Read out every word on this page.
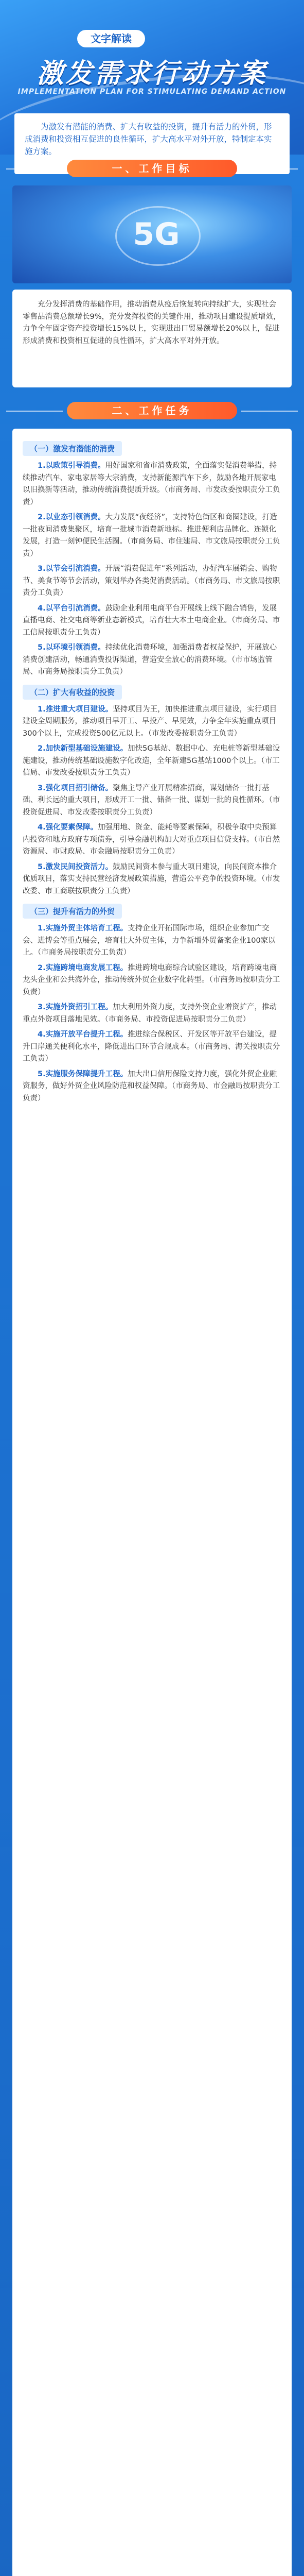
文字解读
激发需求行动方案
IMPLEMENTATION PLAN FOR STIMULATING DEMAND ACTION

为激发有潜能的消费、扩大有收益的投资，提升有活力的外贸，形成消费和投资相互促进的良性循环，扩大高水平对外开放，特制定本实施方案。

一、工作目标
5G

充分发挥消费的基础作用，推动消费从疫后恢复转向持续扩大，实现社会零售品消费总额增长9%，充分发挥投资的关键作用，推动项目建设提质增效，力争全年固定资产投资增长15%以上，实现进出口贸易额增长20%以上，促进形成消费和投资相互促进的良性循环，扩大高水平对外开放。

二、工作任务
（一）激发有潜能的消费

1.以政策引导消费。用好国家和省市消费政策，全面落实促消费举措，持续推动汽车、家电家居等大宗消费，支持新能源汽车下乡，鼓励各地开展家电以旧换新等活动，推动传统消费提质升级。（市商务局、市发改委按职责分工负责）

2.以业态引领消费。大力发展“夜经济”，支持特色街区和商圈建设，打造一批夜间消费集聚区，培育一批城市消费新地标。推进便利店品牌化、连锁化发展，打造一刻钟便民生活圈。（市商务局、市住建局、市文旅局按职责分工负责）

3.以节会引流消费。开展“消费促进年”系列活动，办好汽车展销会、购物节、美食节等节会活动，策划举办各类促消费活动。（市商务局、市文旅局按职责分工负责）

4.以平台引流消费。鼓励企业利用电商平台开展线上线下融合销售，发展直播电商、社交电商等新业态新模式，培育壮大本土电商企业。（市商务局、市工信局按职责分工负责）

5.以环境引领消费。持续优化消费环境，加强消费者权益保护，开展放心消费创建活动，畅通消费投诉渠道，营造安全放心的消费环境。（市市场监管局、市商务局按职责分工负责）

（二）扩大有收益的投资

1.推进重大项目建设。坚持项目为王，加快推进重点项目建设，实行项目建设全周期服务，推动项目早开工、早投产、早见效，力争全年实施重点项目300个以上，完成投资500亿元以上。（市发改委按职责分工负责）

2.加快新型基础设施建设。加快5G基站、数据中心、充电桩等新型基础设施建设，推动传统基础设施数字化改造，全年新建5G基站1000个以上。（市工信局、市发改委按职责分工负责）

3.强化项目招引储备。聚焦主导产业开展精准招商，谋划储备一批打基础、利长远的重大项目，形成开工一批、储备一批、谋划一批的良性循环。（市投资促进局、市发改委按职责分工负责）

4.强化要素保障。加强用地、资金、能耗等要素保障，积极争取中央预算内投资和地方政府专项债券，引导金融机构加大对重点项目信贷支持。（市自然资源局、市财政局、市金融局按职责分工负责）

5.激发民间投资活力。鼓励民间资本参与重大项目建设，向民间资本推介优质项目，落实支持民营经济发展政策措施，营造公平竞争的投资环境。（市发改委、市工商联按职责分工负责）

（三）提升有活力的外贸

1.实施外贸主体培育工程。支持企业开拓国际市场，组织企业参加广交会、进博会等重点展会，培育壮大外贸主体，力争新增外贸备案企业100家以上。（市商务局按职责分工负责）

2.实施跨境电商发展工程。推进跨境电商综合试验区建设，培育跨境电商龙头企业和公共海外仓，推动传统外贸企业数字化转型。（市商务局按职责分工负责）

3.实施外资招引工程。加大利用外资力度，支持外资企业增资扩产，推动重点外资项目落地见效。（市商务局、市投资促进局按职责分工负责）

4.实施开放平台提升工程。推进综合保税区、开发区等开放平台建设，提升口岸通关便利化水平，降低进出口环节合规成本。（市商务局、海关按职责分工负责）

5.实施服务保障提升工程。加大出口信用保险支持力度，强化外贸企业融资服务，做好外贸企业风险防范和权益保障。（市商务局、市金融局按职责分工负责）
